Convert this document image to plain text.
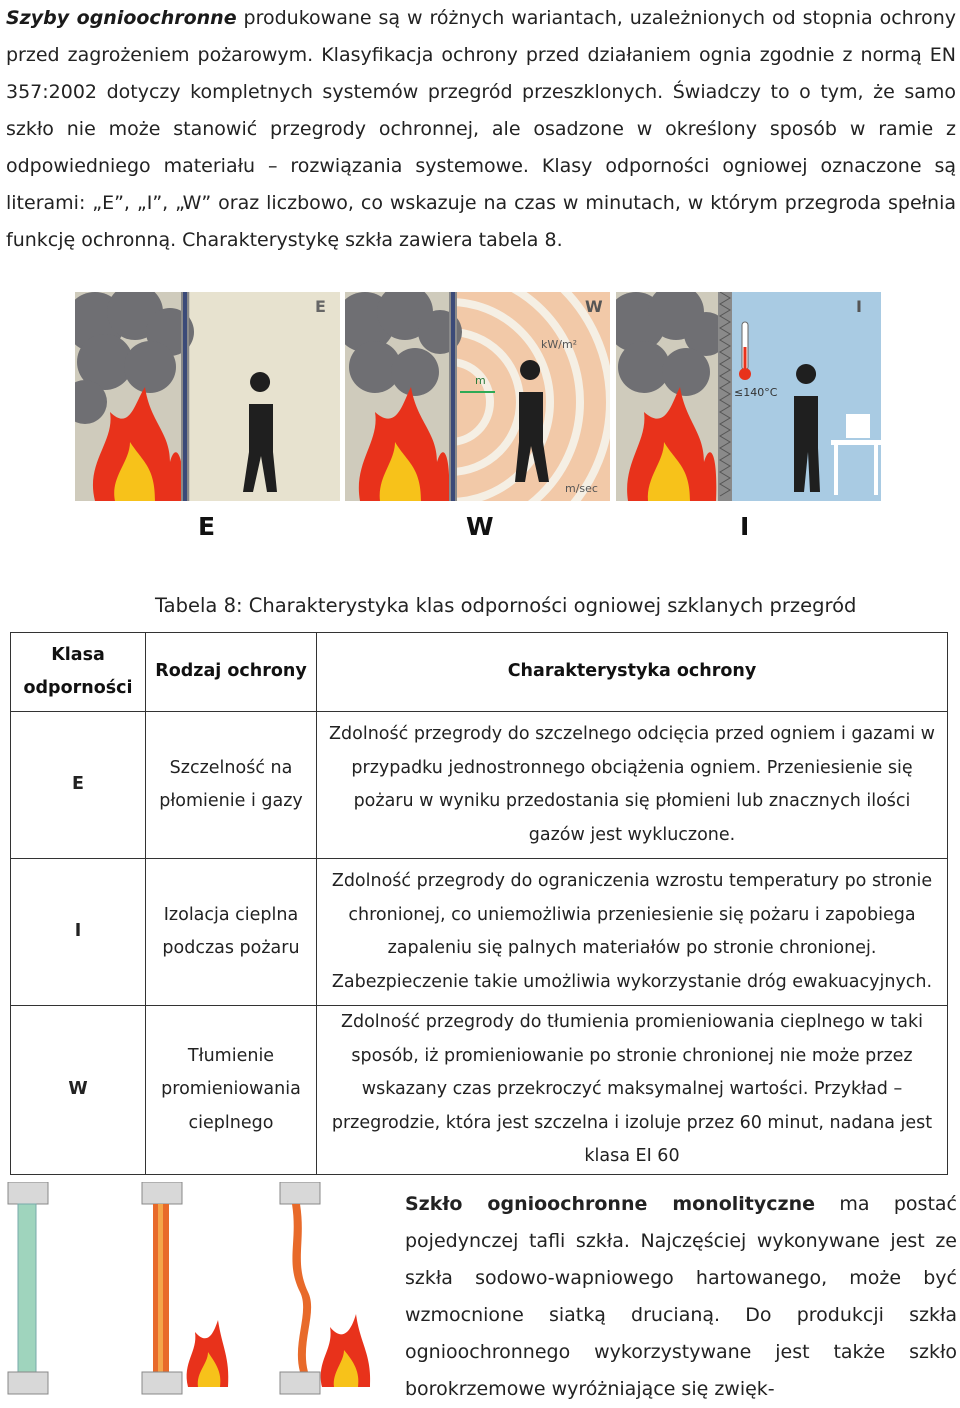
Szyby ognioochronne produkowane są w różnych wariantach, uzależnionych od stopnia ochrony przed zagrożeniem pożarowym. Klasyfikacja ochrony przed działaniem ognia zgodnie z normą EN 357:2002 dotyczy kompletnych systemów przegród przeszklonych. Świadczy to o tym, że samo szkło nie może stanowić przegrody ochronnej, ale osadzone w określony sposób w ramie z odpowiedniego materiału – rozwiązania systemowe. Klasy odporności ogniowej oznaczone są literami: „E”, „I”, „W” oraz liczbowo, co wskazuje na czas w minutach, w którym przegroda spełnia funkcję ochronną. Charakterystykę szkła zawiera tabela 8.
E	W
kW/m²
m
m/sec
I
≤140°C
E	W	I
Tabela 8: Charakterystyka klas odporności ogniowej szklanych przegród
Klasa odporności	Rodzaj ochrony	Charakterystyka ochrony
E	Szczelność na płomienie i gazy	Zdolność przegrody do szczelnego odcięcia przed ogniem i gazami w przypadku jednostronnego obciążenia ogniem. Przeniesienie się pożaru w wyniku przedostania się płomieni lub znacznych ilości gazów jest wykluczone.
I	Izolacja cieplna podczas pożaru	Zdolność przegrody do ograniczenia wzrostu temperatury po stronie chronionej, co uniemożliwia przeniesienie się pożaru i zapobiega zapaleniu się palnych materiałów po stronie chronionej. Zabezpieczenie takie umożliwia wykorzystanie dróg ewakuacyjnych.
W	Tłumienie promieniowania cieplnego	Zdolność przegrody do tłumienia promieniowania cieplnego w taki sposób, iż promieniowanie po stronie chronionej nie może przez wskazany czas przekroczyć maksymalnej wartości. Przykład – przegrodzie, która jest szczelna i izoluje przez 60 minut, nadana jest klasa EI 60
Szkło ognioochronne monolityczne ma postać pojedynczej tafli szkła. Najczęściej wykonywane jest ze szkła sodowo-wapniowego hartowanego, może być wzmocnione siatką drucianą. Do produkcji szkła ognioochronnego wykorzystywane jest także szkło borokrzemowe wyróżniające się zwięk-
